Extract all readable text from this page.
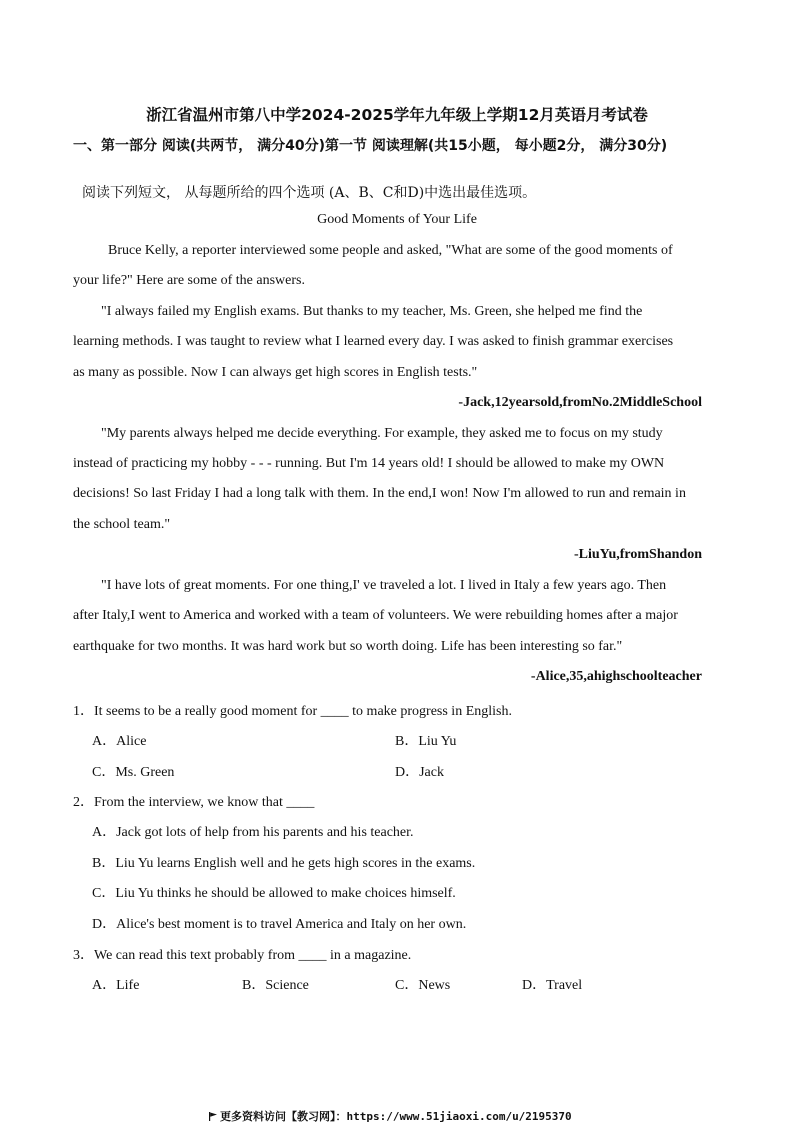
浙江省温州市第八中学2024-2025学年九年级上学期12月英语月考试卷
一、第一部分 阅读(共两节， 满分40分)第一节 阅读理解(共15小题， 每小题2分， 满分30分)
阅读下列短文， 从每题所给的四个选项 (A、B、C和D)中选出最佳选项。
Good Moments of Your Life
Bruce Kelly, a reporter interviewed some people and asked, "What are some of the good moments of
your life?" Here are some of the answers.
"I always failed my English exams. But thanks to my teacher, Ms. Green, she helped me find the
learning methods. I was taught to review what I learned every day. I was asked to finish grammar exercises
as many as possible. Now I can always get high scores in English tests."
-Jack,12yearsold,fromNo.2MiddleSchool
"My parents always helped me decide everything. For example, they asked me to focus on my study
instead of practicing my hobby - - - running. But I'm 14 years old! I should be allowed to make my OWN
decisions! So last Friday I had a long talk with them. In the end,I won! Now I'm allowed to run and remain in
the school team."
-LiuYu,fromShandon
"I have lots of great moments. For one thing,I' ve traveled a lot. I lived in Italy a few years ago. Then
after Italy,I went to America and worked with a team of volunteers. We were rebuilding homes after a major
earthquake for two months. It was hard work but so worth doing. Life has been interesting so far."
-Alice,35,ahighschoolteacher
1．It seems to be a really good moment for ____ to make progress in English.
A．Alice	B．Liu Yu
C．Ms. Green	D．Jack
2．From the interview, we know that ____
A．Jack got lots of help from his parents and his teacher.
B．Liu Yu learns English well and he gets high scores in the exams.
C．Liu Yu thinks he should be allowed to make choices himself.
D．Alice's best moment is to travel America and Italy on her own.
3．We can read this text probably from ____ in a magazine.
A．Life	B．Science	C．News	D．Travel
更多资料访问【教习网】：https://www.51jiaoxi.com/u/2195370
